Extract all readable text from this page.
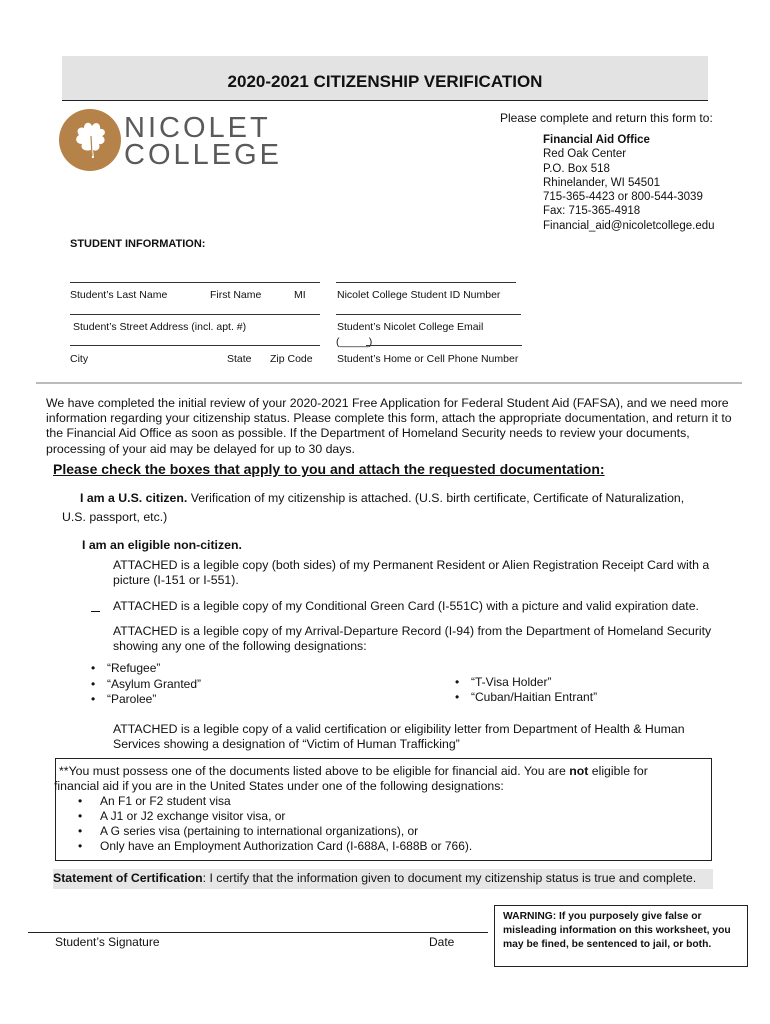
2020-2021 CITIZENSHIP VERIFICATION
NICOLET
COLLEGE
Please complete and return this form to:
Financial Aid Office
Red Oak Center
P.O. Box 518
Rhinelander, WI 54501
715-365-4423 or 800-544-3039
Fax: 715-365-4918
Financial_aid@nicoletcollege.edu
STUDENT INFORMATION:
Student’s Last Name	First Name	MI	Nicolet College Student ID Number
Student’s Street Address (incl. apt. #)	Student’s Nicolet College Email
(_____)
City	State Zip Code Student’s Home or Cell Phone Number
We have completed the initial review of your 2020-2021 Free Application for Federal Student Aid (FAFSA), and we need more information regarding your citizenship status. Please complete this form, attach the appropriate documentation, and return it to the Financial Aid Office as soon as possible. If the Department of Homeland Security needs to review your documents, processing of your aid may be delayed for up to 30 days.
Please check the boxes that apply to you and attach the requested documentation:
I am a U.S. citizen. Verification of my citizenship is attached. (U.S. birth certificate, Certificate of Naturalization,
U.S. passport, etc.)
I am an eligible non-citizen.
ATTACHED is a legible copy (both sides) of my Permanent Resident or Alien Registration Receipt Card with a
picture (I-151 or I-551).
ATTACHED is a legible copy of my Conditional Green Card (I-551C) with a picture and valid expiration date.
ATTACHED is a legible copy of my Arrival-Departure Record (I-94) from the Department of Homeland Security
showing any one of the following designations:
• “Refugee”
• “Asylum Granted”
• “Parolee”
• “T-Visa Holder”
• “Cuban/Haitian Entrant”
ATTACHED is a legible copy of a valid certification or eligibility letter from Department of Health & Human
Services showing a designation of “Victim of Human Trafficking”
**You must possess one of the documents listed above to be eligible for financial aid. You are not eligible for
financial aid if you are in the United States under one of the following designations:
• An F1 or F2 student visa
• A J1 or J2 exchange visitor visa, or
• A G series visa (pertaining to international organizations), or
• Only have an Employment Authorization Card (I-688A, I-688B or 766).
Statement of Certification: I certify that the information given to document my citizenship status is true and complete.
Student’s Signature	Date
WARNING: If you purposely give false or misleading information on this worksheet, you may be fined, be sentenced to jail, or both.
